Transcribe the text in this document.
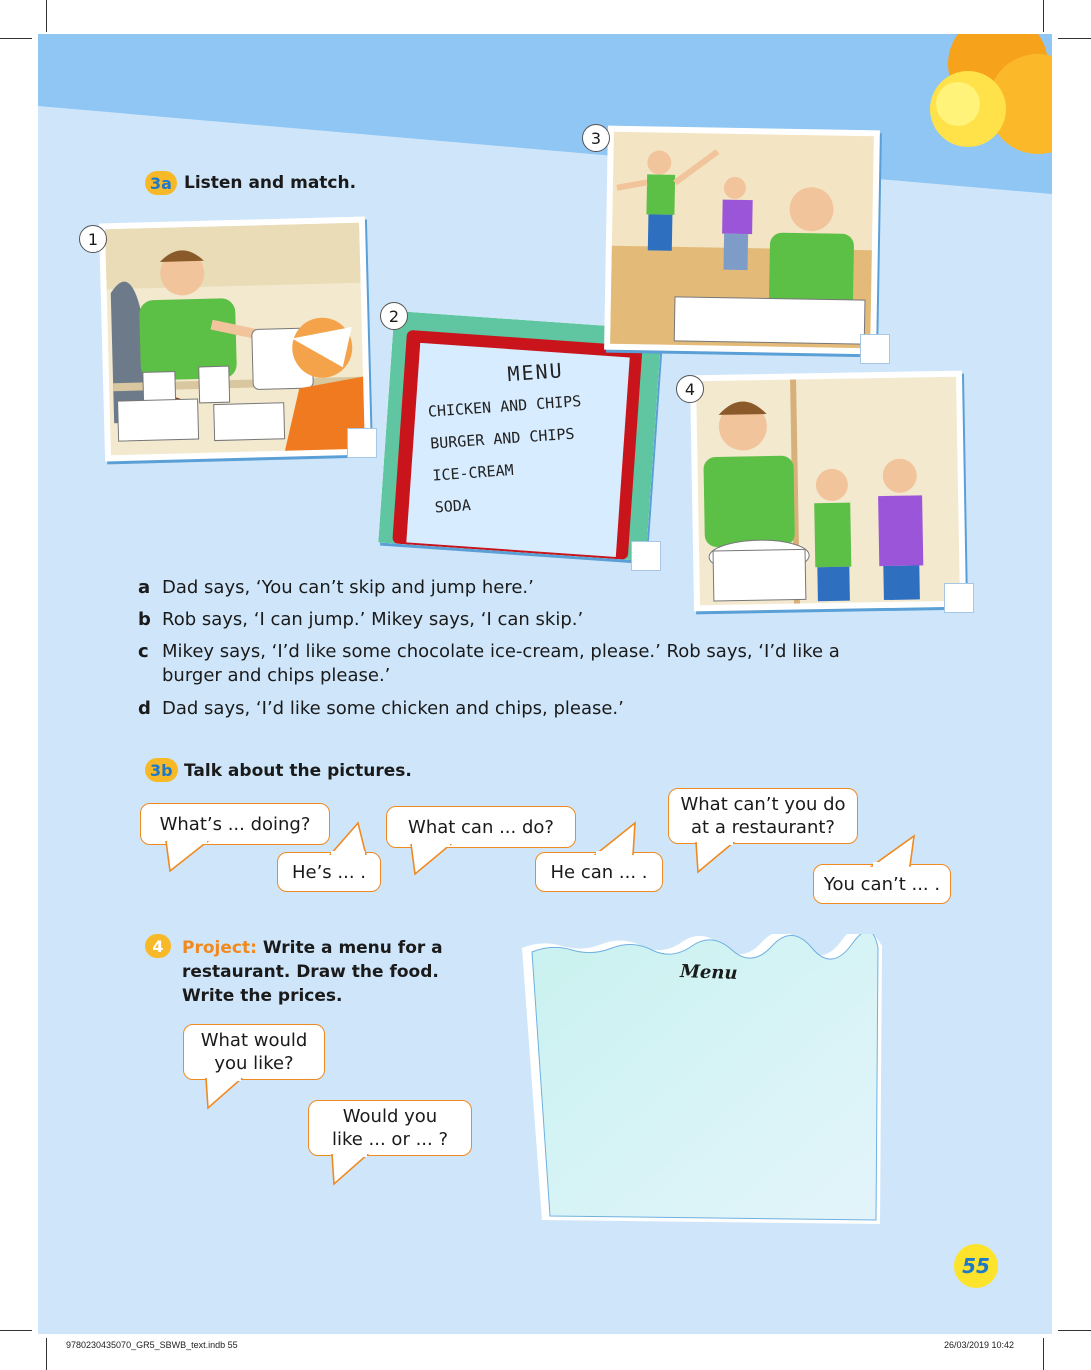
3 a Listen and match.
1
MENU
CHICKEN AND CHIPS
BURGER AND CHIPS
ICE-CREAM
SODA
2
3
4
a Dad says, ‘You can’t skip and jump here.’
b Rob says, ‘I can jump.’ Mikey says, ‘I can skip.’
c Mikey says, ‘I’d like some chocolate ice-cream, please.’ Rob says, ‘I’d like a burger and chips please.’
d Dad says, ‘I’d like some chicken and chips, please.’
3 b Talk about the pictures.
What’s ... doing?
He’s ... .
What can ... do?
He can ... .
What can’t you do at a restaurant?
You can’t ... .
4 Project: Write a menu for a restaurant. Draw the food. Write the prices.
What would you like?
Would you like ... or ... ?
Menu
55
9780230435070_GR5_SBWB_text.indb 55	26/03/2019 10:42
